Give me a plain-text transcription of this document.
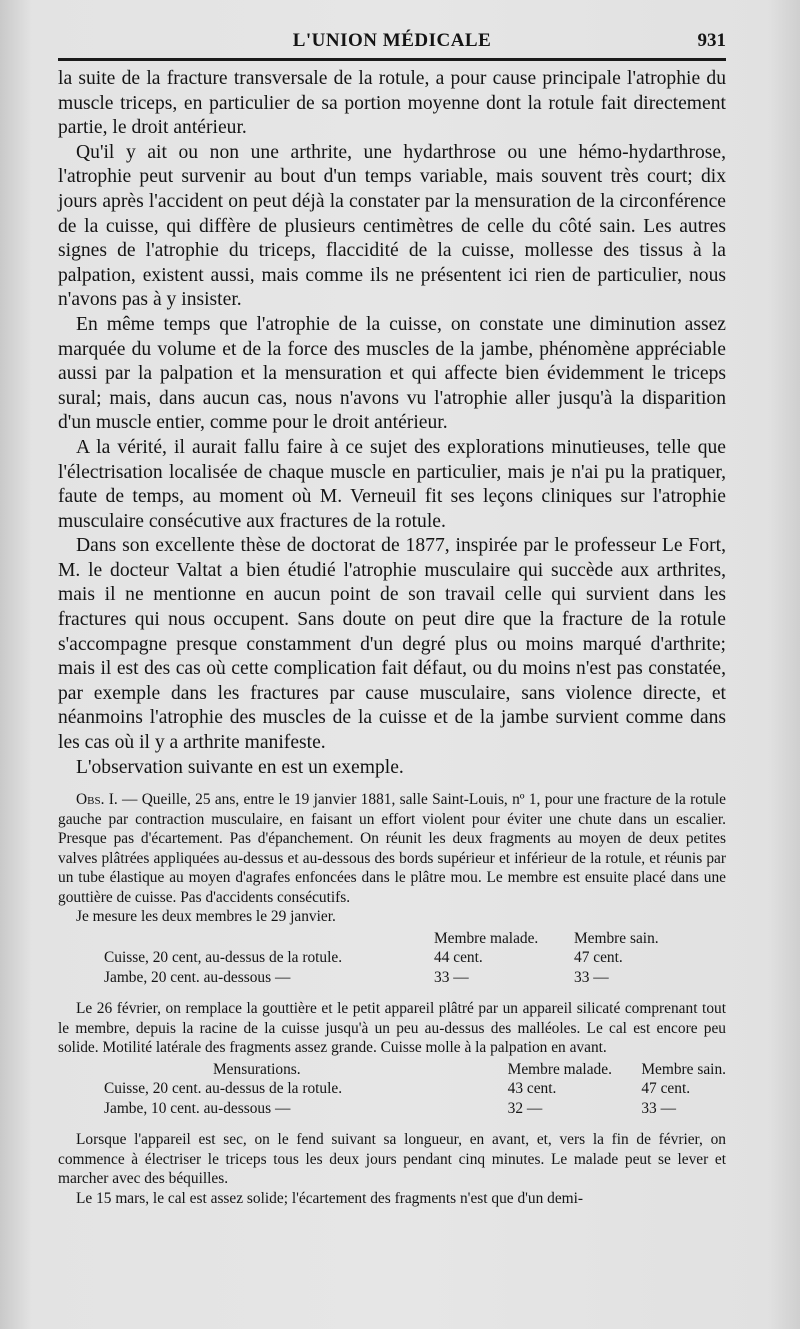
L'UNION MÉDICALE	931

la suite de la fracture transversale de la rotule, a pour cause principale l'atrophie du muscle triceps, en particulier de sa portion moyenne dont la rotule fait directement partie, le droit antérieur.

Qu'il y ait ou non une arthrite, une hydarthrose ou une hémo-hydarthrose, l'atrophie peut survenir au bout d'un temps variable, mais souvent très court; dix jours après l'accident on peut déjà la constater par la mensuration de la circonférence de la cuisse, qui diffère de plusieurs centimètres de celle du côté sain. Les autres signes de l'atrophie du triceps, flaccidité de la cuisse, mollesse des tissus à la palpation, existent aussi, mais comme ils ne présentent ici rien de particulier, nous n'avons pas à y insister.

En même temps que l'atrophie de la cuisse, on constate une diminution assez marquée du volume et de la force des muscles de la jambe, phénomène appréciable aussi par la palpation et la mensuration et qui affecte bien évidemment le triceps sural; mais, dans aucun cas, nous n'avons vu l'atrophie aller jusqu'à la disparition d'un muscle entier, comme pour le droit antérieur.

A la vérité, il aurait fallu faire à ce sujet des explorations minutieuses, telle que l'électrisation localisée de chaque muscle en particulier, mais je n'ai pu la pratiquer, faute de temps, au moment où M. Verneuil fit ses leçons cliniques sur l'atrophie musculaire consécutive aux fractures de la rotule.

Dans son excellente thèse de doctorat de 1877, inspirée par le professeur Le Fort, M. le docteur Valtat a bien étudié l'atrophie musculaire qui succède aux arthrites, mais il ne mentionne en aucun point de son travail celle qui survient dans les fractures qui nous occupent. Sans doute on peut dire que la fracture de la rotule s'accompagne presque constamment d'un degré plus ou moins marqué d'arthrite; mais il est des cas où cette complication fait défaut, ou du moins n'est pas constatée, par exemple dans les fractures par cause musculaire, sans violence directe, et néanmoins l'atrophie des muscles de la cuisse et de la jambe survient comme dans les cas où il y a arthrite manifeste.

L'observation suivante en est un exemple.

Obs. I. — Queille, 25 ans, entre le 19 janvier 1881, salle Saint-Louis, nº 1, pour une fracture de la rotule gauche par contraction musculaire, en faisant un effort violent pour éviter une chute dans un escalier. Presque pas d'écartement. Pas d'épanchement. On réunit les deux fragments au moyen de deux petites valves plâtrées appliquées au-dessus et au-dessous des bords supérieur et inférieur de la rotule, et réunis par un tube élastique au moyen d'agrafes enfoncées dans le plâtre mou. Le membre est ensuite placé dans une gouttière de cuisse. Pas d'accidents consécutifs.

Je mesure les deux membres le 29 janvier.

	Membre malade.	Membre sain.
Cuisse, 20 cent, au-dessus de la rotule.	44 cent.	47 cent.
Jambe, 20 cent. au-dessous —	33 —	33 —

Le 26 février, on remplace la gouttière et le petit appareil plâtré par un appareil silicaté comprenant tout le membre, depuis la racine de la cuisse jusqu'à un peu au-dessus des malléoles. Le cal est encore peu solide. Motilité latérale des fragments assez grande. Cuisse molle à la palpation en avant.

Mensurations.	Membre malade.	Membre sain.
Cuisse, 20 cent. au-dessus de la rotule.	43 cent.	47 cent.
Jambe, 10 cent. au-dessous —	32 —	33 —

Lorsque l'appareil est sec, on le fend suivant sa longueur, en avant, et, vers la fin de février, on commence à électriser le triceps tous les deux jours pendant cinq minutes. Le malade peut se lever et marcher avec des béquilles.

Le 15 mars, le cal est assez solide; l'écartement des fragments n'est que d'un demi-
